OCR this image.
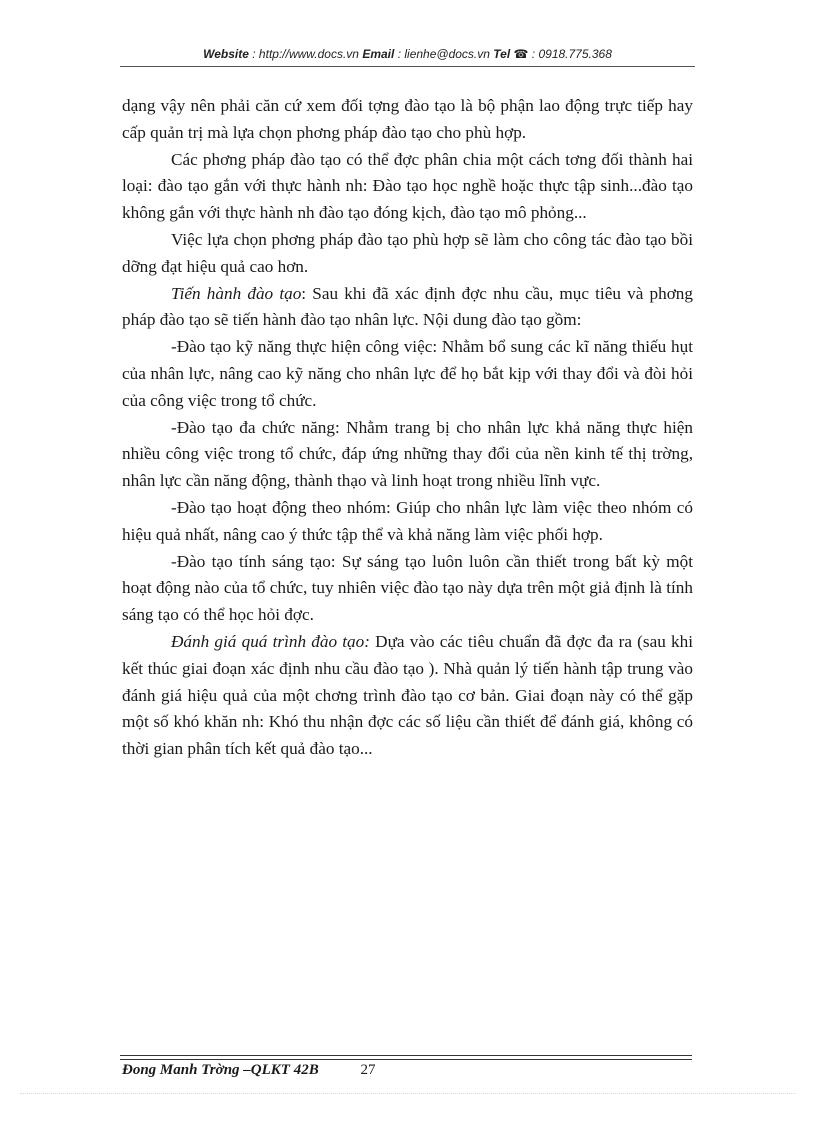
Website : http://www.docs.vn Email : lienhe@docs.vn Tel ☎ : 0918.775.368

dạng vậy nên phải căn cứ xem đối tợng đào tạo là bộ phận lao động trực tiếp hay cấp quản trị mà lựa chọn phơng pháp đào tạo cho phù hợp.

Các phơng pháp đào tạo có thể đợc phân chia một cách tơng đối thành hai loại: đào tạo gắn với thực hành nh: Đào tạo học nghề hoặc thực tập sinh...đào tạo không gắn với thực hành nh đào tạo đóng kịch, đào tạo mô phỏng...

Việc lựa chọn phơng pháp đào tạo phù hợp sẽ làm cho công tác đào tạo bồi dỡng đạt hiệu quả cao hơn.

Tiến hành đào tạo: Sau khi đã xác định đợc nhu cầu, mục tiêu và phơng pháp đào tạo sẽ tiến hành đào tạo nhân lực. Nội dung đào tạo gồm:

-Đào tạo kỹ năng thực hiện công việc: Nhằm bổ sung các kĩ năng thiếu hụt của nhân lực, nâng cao kỹ năng cho nhân lực để họ bắt kịp với thay đổi và đòi hỏi của công việc trong tổ chức.

-Đào tạo đa chức năng: Nhằm trang bị cho nhân lực khả năng thực hiện nhiều công việc trong tổ chức, đáp ứng những thay đổi của nền kinh tế thị trờng, nhân lực cần năng động, thành thạo và linh hoạt trong nhiều lĩnh vực.

-Đào tạo hoạt động theo nhóm: Giúp cho nhân lực làm việc theo nhóm có hiệu quả nhất, nâng cao ý thức tập thể và khả năng làm việc phối hợp.

-Đào tạo tính sáng tạo: Sự sáng tạo luôn luôn cần thiết trong bất kỳ một hoạt động nào của tổ chức, tuy nhiên việc đào tạo này dựa trên một giả định là tính sáng tạo có thể học hỏi đợc.

Đánh giá quá trình đào tạo: Dựa vào các tiêu chuẩn đã đợc đa ra (sau khi kết thúc giai đoạn xác định nhu cầu đào tạo ). Nhà quản lý tiến hành tập trung vào đánh giá hiệu quả của một chơng trình đào tạo cơ bản. Giai đoạn này có thể gặp một số khó khăn nh: Khó thu nhận đợc các số liệu cần thiết để đánh giá, không có thời gian phân tích kết quả đào tạo...

Đong Manh Trờng –QLKT 42B	27
